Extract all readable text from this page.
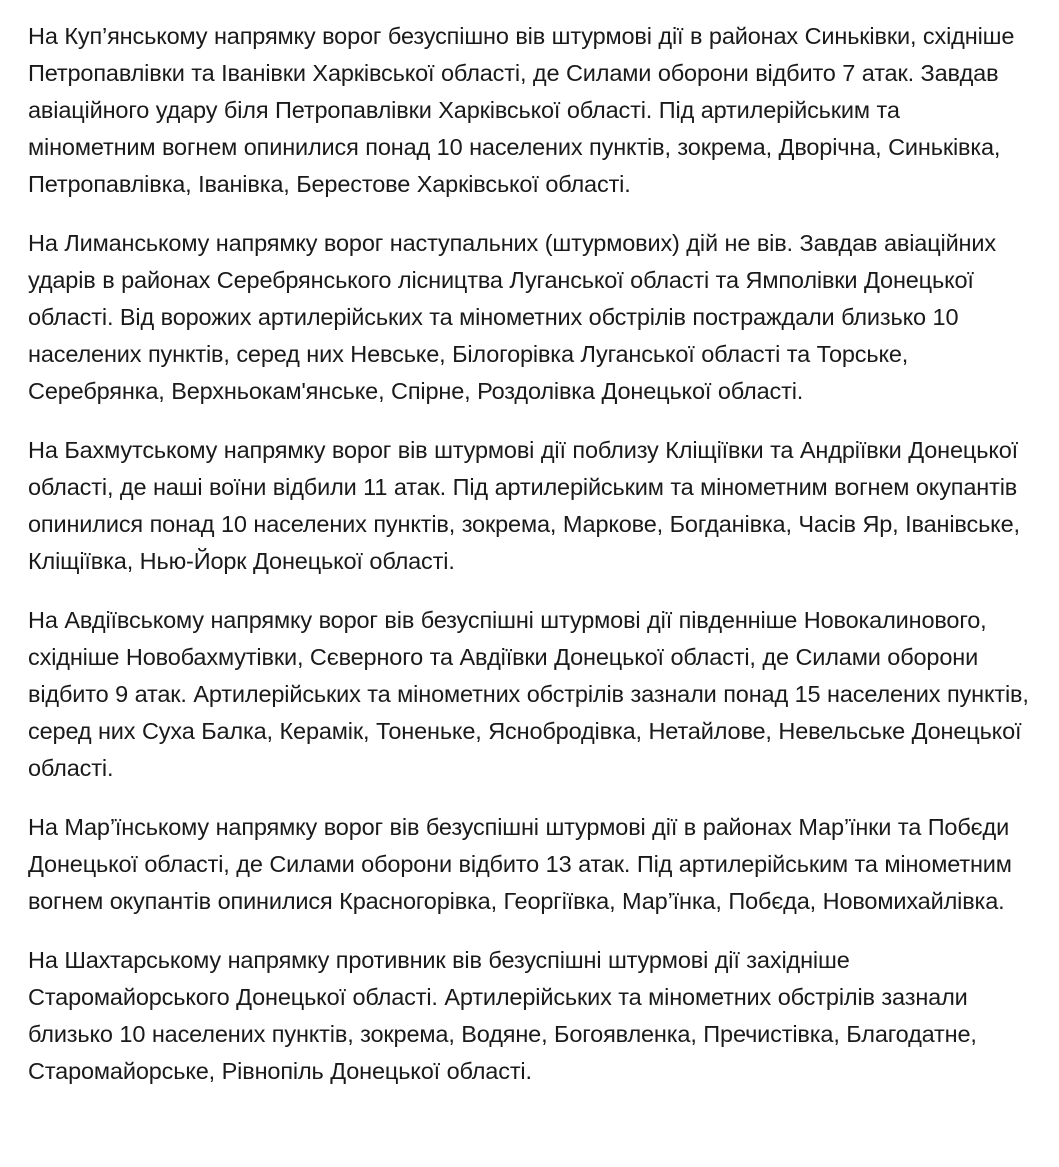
На Куп’янському напрямку ворог безуспішно вів штурмові дії в районах Синьківки, східніше Петропавлівки та Іванівки Харківської області, де Силами оборони відбито 7 атак. Завдав авіаційного удару біля Петропавлівки Харківської області. Під артилерійським та мінометним вогнем опинилися понад 10 населених пунктів, зокрема, Дворічна, Синьківка, Петропавлівка, Іванівка, Берестове Харківської області.

На Лиманському напрямку ворог наступальних (штурмових) дій не вів. Завдав авіаційних ударів в районах Серебрянського лісництва Луганської області та Ямполівки Донецької області. Від ворожих артилерійських та мінометних обстрілів постраждали близько 10 населених пунктів, серед них Невське, Білогорівка Луганської області та Торське, Серебрянка, Верхньокам'янське, Спірне, Роздолівка Донецької області.

На Бахмутському напрямку ворог вів штурмові дії поблизу Кліщіївки та Андріївки Донецької області, де наші воїни відбили 11 атак. Під артилерійським та мінометним вогнем окупантів опинилися понад 10 населених пунктів, зокрема, Маркове, Богданівка, Часів Яр, Іванівське, Кліщіївка, Нью-Йорк Донецької області.

На Авдіївському напрямку ворог вів безуспішні штурмові дії південніше Новокалинового, східніше Новобахмутівки, Сєверного та Авдіївки Донецької області, де Силами оборони відбито 9 атак. Артилерійських та мінометних обстрілів зазнали понад 15 населених пунктів, серед них Суха Балка, Керамік, Тоненьке, Яснобродівка, Нетайлове, Невельське Донецької області.

На Мар’їнському напрямку ворог вів безуспішні штурмові дії в районах Мар’їнки та Побєди Донецької області, де Силами оборони відбито 13 атак. Під артилерійським та мінометним вогнем окупантів опинилися Красногорівка, Георгіївка, Мар’їнка, Побєда, Новомихайлівка.

На Шахтарському напрямку противник вів безуспішні штурмові дії західніше Старомайорського Донецької області. Артилерійських та мінометних обстрілів зазнали близько 10 населених пунктів, зокрема, Водяне, Богоявленка, Пречистівка, Благодатне, Старомайорське, Рівнопіль Донецької області.
